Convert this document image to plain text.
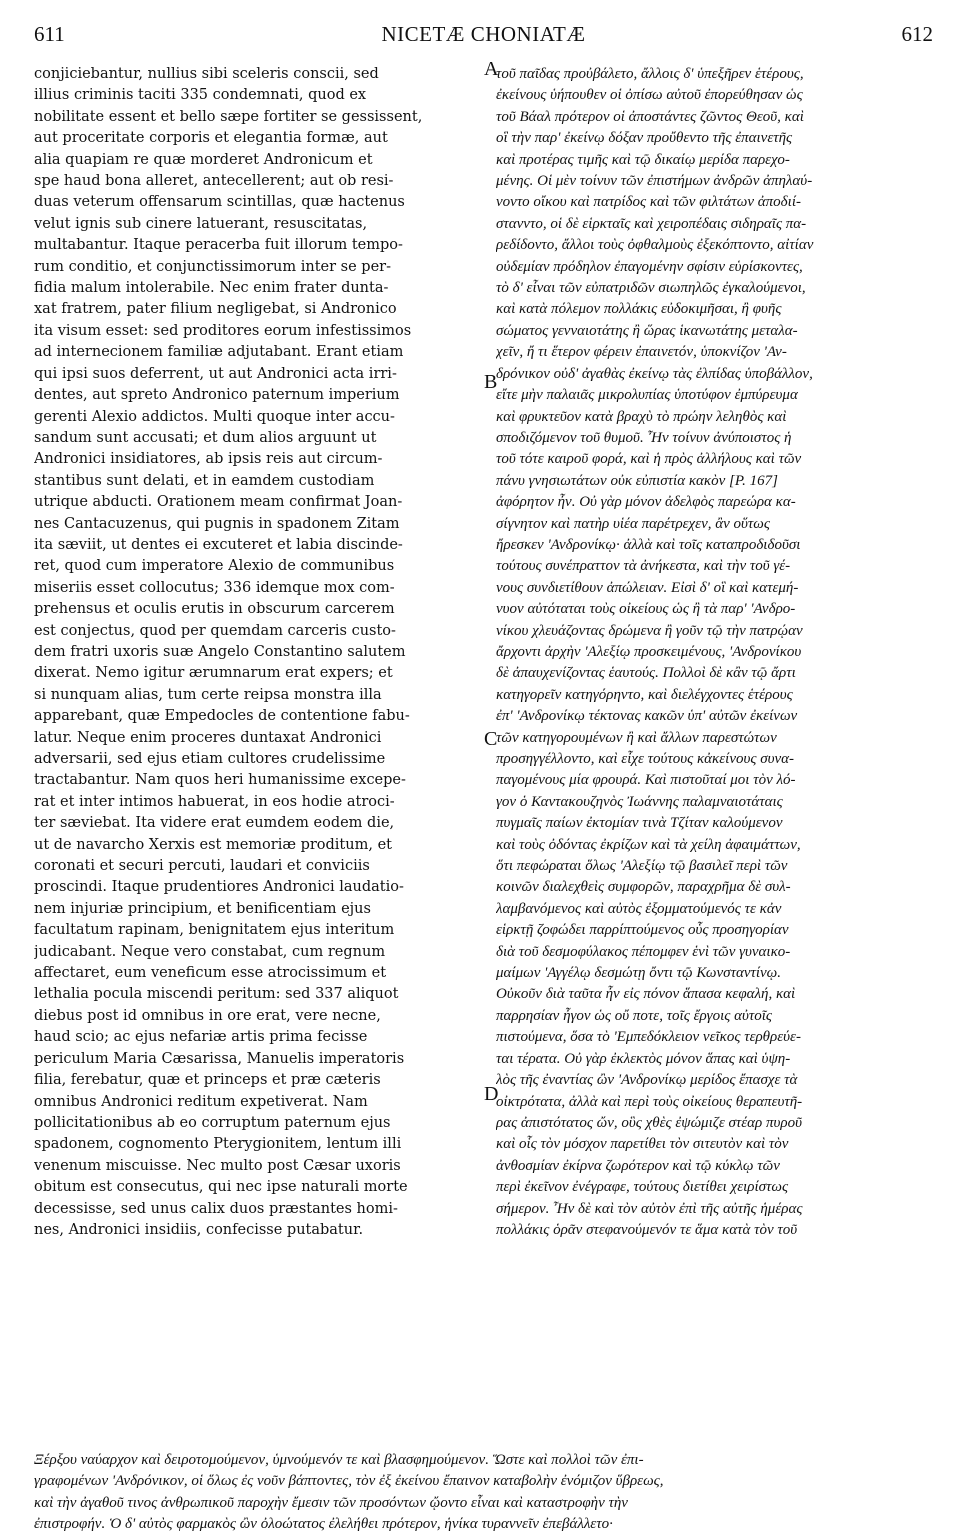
611	NICETÆ CHONIATÆ	612
conjiciebantur, nullius sibi sceleris conscii, sed
illius criminis taciti 335 condemnati, quod ex
nobilitate essent et bello sæpe fortiter se gessissent,
aut proceritate corporis et elegantia formæ, aut
alia quapiam re quæ morderet Andronicum et
spe haud bona alleret, antecellerent; aut ob resi-
duas veterum offensarum scintillas, quæ hactenus
velut ignis sub cinere latuerant, resuscitatas,
multabantur. Itaque peracerba fuit illorum tempo-
rum conditio, et conjunctissimorum inter se per-
fidia malum intolerabile. Nec enim frater dunta-
xat fratrem, pater filium negligebat, si Andronico
ita visum esset: sed proditores eorum infestissimos
ad internecionem familiæ adjutabant. Erant etiam
qui ipsi suos deferrent, ut aut Andronici acta irri-
dentes, aut spreto Andronico paternum imperium
gerenti Alexio addictos. Multi quoque inter accu-
sandum sunt accusati; et dum alios arguunt ut
Andronici insidiatores, ab ipsis reis aut circum-
stantibus sunt delati, et in eamdem custodiam
utrique abducti. Orationem meam confirmat Joan-
nes Cantacuzenus, qui pugnis in spadonem Zitam
ita sæviit, ut dentes ei excuteret et labia discinde-
ret, quod cum imperatore Alexio de communibus
miseriis esset collocutus; 336 idemque mox com-
prehensus et oculis erutis in obscurum carcerem
est conjectus, quod per quemdam carceris custo-
dem fratri uxoris suæ Angelo Constantino salutem
dixerat. Nemo igitur ærumnarum erat expers; et
si nunquam alias, tum certe reipsa monstra illa
apparebant, quæ Empedocles de contentione fabu-
latur. Neque enim proceres duntaxat Andronici
adversarii, sed ejus etiam cultores crudelissime
tractabantur. Nam quos heri humanissime excepe-
rat et inter intimos habuerat, in eos hodie atroci-
ter sæviebat. Ita videre erat eumdem eodem die,
ut de navarcho Xerxis est memoriæ proditum, et
coronati et securi percuti, laudari et conviciis
proscindi. Itaque prudentiores Andronici laudatio-
nem injuriæ principium, et benificentiam ejus
facultatum rapinam, benignitatem ejus interitum
judicabant. Neque vero constabat, cum regnum
affectaret, eum veneficum esse atrocissimum et
lethalia pocula miscendi peritum: sed 337 aliquot
diebus post id omnibus in ore erat, vere necne,
haud scio; ac ejus nefariæ artis prima fecisse
periculum Maria Cæsarissa, Manuelis imperatoris
filia, ferebatur, quæ et princeps et præ cæteris
omnibus Andronici reditum expetiverat. Nam
pollicitationibus ab eo corruptum paternum ejus
spadonem, cognomento Pterygionitem, lentum illi
venenum miscuisse. Nec multo post Cæsar uxoris
obitum est consecutus, qui nec ipse naturali morte
decessisse, sed unus calix duos præstantes homi-
nes, Andronici insidiis, confecisse putabatur.
τοῦ παῖδας προὐβάλετο, ἄλλοις δ' ὑπεξῆρεν ἑτέρους,
ἐκείνους ὑήπουθεν οἱ ὀπίσω αὐτοῦ ἐπορεύθησαν ὡς
τοῦ Βάαλ πρότερον οἱ ἀποστάντες ζῶντος Θεοῦ, καὶ
οἳ τὴν παρ' ἐκείνῳ δόξαν προὔθεντο τῆς ἐπαινετῆς
καὶ προτέρας τιμῆς καὶ τῷ δικαίῳ μερίδα παρεχο-
μένης. Οἱ μὲν τοίνυν τῶν ἐπιστήμων ἀνδρῶν ἀπηλαύ-
νοντο οἴκου καὶ πατρίδος καὶ τῶν φιλτάτων ἀποδιί-
στανντο, οἱ δὲ εἱρκταῖς καὶ χειροπέδαις σιδηραῖς πα-
ρεδίδοντο, ἄλλοι τοὺς ὀφθαλμοὺς ἐξεκόπτοντο, αἰτίαν
οὐδεμίαν πρόδηλον ἐπαγομένην σφίσιν εὑρίσκοντες,
τὸ δ' εἶναι τῶν εὐπατριδῶν σιωπηλῶς ἐγκαλούμενοι,
καὶ κατὰ πόλεμον πολλάκις εὐδοκιμῆσαι, ἢ φυῆς
σώματος γενναιοτάτης ἢ ὥρας ἱκανωτάτης μεταλα-
χεῖν, ἤ τι ἕτερον φέρειν ἐπαινετόν, ὑποκνίζον 'Αν-
δρόνικον οὐδ' ἀγαθὰς ἐκείνῳ τὰς ἐλπίδας ὑποβάλλον,
εἴτε μὴν παλαιᾶς μικρολυπίας ὑποτύφον ἐμπύρευμα
καὶ φρυκτεῦον κατὰ βραχὺ τὸ πρώην λεληθὸς καὶ
σποδιζόμενον τοῦ θυμοῦ. Ἦν τοίνυν ἀνύποιστος ἡ
τοῦ τότε καιροῦ φορά, καὶ ἡ πρὸς ἀλλήλους καὶ τῶν
πάνυ γνησιωτάτων οὐκ εὐπιστία κακὸν [P. 167]
ἀφόρητον ἦν. Οὐ γὰρ μόνον ἀδελφὸς παρεώρα κα-
σίγνητον καὶ πατὴρ υἱέα παρέτρεχεν, ἂν οὕτως
ἤρεσκεν 'Ανδρονίκῳ· ἀλλὰ καὶ τοῖς καταπροδιδοῦσι
τούτους συνέπραττον τὰ ἀνήκεστα, καὶ τὴν τοῦ γέ-
νους συνδιετίθουν ἀπώλειαν. Εἰσὶ δ' οἳ καὶ κατεμή-
νυον αὐτόταται τοὺς οἰκείους ὡς ἢ τὰ παρ' 'Ανδρο-
νίκου χλευάζοντας δρώμενα ἢ γοῦν τῷ τὴν πατρῴαν
ἄρχοντι ἀρχὴν 'Αλεξίῳ προσκειμένους, 'Ανδρονίκου
δὲ ἀπαυχενίζοντας ἑαυτούς. Πολλοὶ δὲ κἂν τῷ ἄρτι
κατηγορεῖν κατηγόρηντο, καὶ διελέγχοντες ἑτέρους
ἐπ' 'Ανδρονίκῳ τέκτονας κακῶν ὑπ' αὐτῶν ἐκείνων
τῶν κατηγορουμένων ἢ καὶ ἄλλων παρεστώτων
προσηγγέλλοντο, καὶ εἶχε τούτους κἀκείνους συνα-
παγομένους μία φρουρά. Καὶ πιστοῦταί μοι τὸν λό-
γον ὁ Καντακουζηνὸς Ἰωάννης παλαμναιοτάταις
πυγμαῖς παίων ἐκτομίαν τινὰ Τζίταν καλούμενον
καὶ τοὺς ὀδόντας ἐκρίζων καὶ τὰ χείλη ἀφαιμάττων,
ὅτι πεφώραται ὅλως 'Αλεξίῳ τῷ βασιλεῖ περὶ τῶν
κοινῶν διαλεχθεὶς συμφορῶν, παραχρῆμα δὲ συλ-
λαμβανόμενος καὶ αὐτὸς ἐξομματούμενός τε κἀν
εἱρκτῇ ζοφώδει παρρίπτούμενος οὗς προσηγορίαν
διὰ τοῦ δεσμοφύλακος πέπομφεν ἑνὶ τῶν γυναικο-
μαίμων 'Αγγέλῳ δεσμώτῃ ὄντι τῷ Κωνσταντίνῳ.
Οὐκοῦν διὰ ταῦτα ἦν εἰς πόνον ἅπασα κεφαλή, καὶ
παρρησίαν ἦγον ὡς οὔ ποτε, τοῖς ἔργοις αὐτοῖς
πιστούμενα, ὅσα τὸ 'Εμπεδόκλειον νεῖκος τερθρεύε-
ται τέρατα. Οὐ γὰρ ἐκλεκτὸς μόνον ἅπας καὶ ὑψη-
λὸς τῆς ἐναντίας ὢν 'Ανδρονίκῳ μερίδος ἔπασχε τὰ
οἰκτρότατα, ἀλλὰ καὶ περὶ τοὺς οἰκείους θεραπευτῆ-
ρας ἀπιστότατος ὤν, οὓς χθὲς ἐψώμιζε στέαρ πυροῦ
καὶ οἷς τὸν μόσχον παρετίθει τὸν σιτευτὸν καὶ τὸν
ἀνθοσμίαν ἐκίρνα ζωρότερον καὶ τῷ κύκλῳ τῶν
περὶ ἐκεῖνον ἐνέγραφε, τούτους διετίθει χειρίστως
σήμερον. Ἦν δὲ καὶ τὸν αὐτὸν ἐπὶ τῆς αὐτῆς ἡμέρας
πολλάκις ὁρᾶν στεφανούμενόν τε ἅμα κατὰ τὸν τοῦ
A
B
C
D
Ξέρξου ναύαρχον καὶ δειροτομούμενον, ὑμνούμενόν τε καὶ βλασφημούμενον. Ὥστε καὶ πολλοὶ τῶν ἐπι-
γραφομένων 'Ανδρόνικον, οἱ ὅλως ἐς νοῦν βάπτοντες, τὸν ἐξ ἐκείνου ἔπαινον καταβολὴν ἐνόμιζον ὕβρεως,
καὶ τὴν ἀγαθοῦ τινος ἀνθρωπικοῦ παροχὴν ἔμεσιν τῶν προσόντων ᾤοντο εἶναι καὶ καταστροφὴν τὴν
ἐπιστροφήν. Ὁ δ' αὐτὸς φαρμακὸς ὢν ὀλοώτατος ἐλελήθει πρότερον, ἡνίκα τυραννεῖν ἐπεβάλλετο·
